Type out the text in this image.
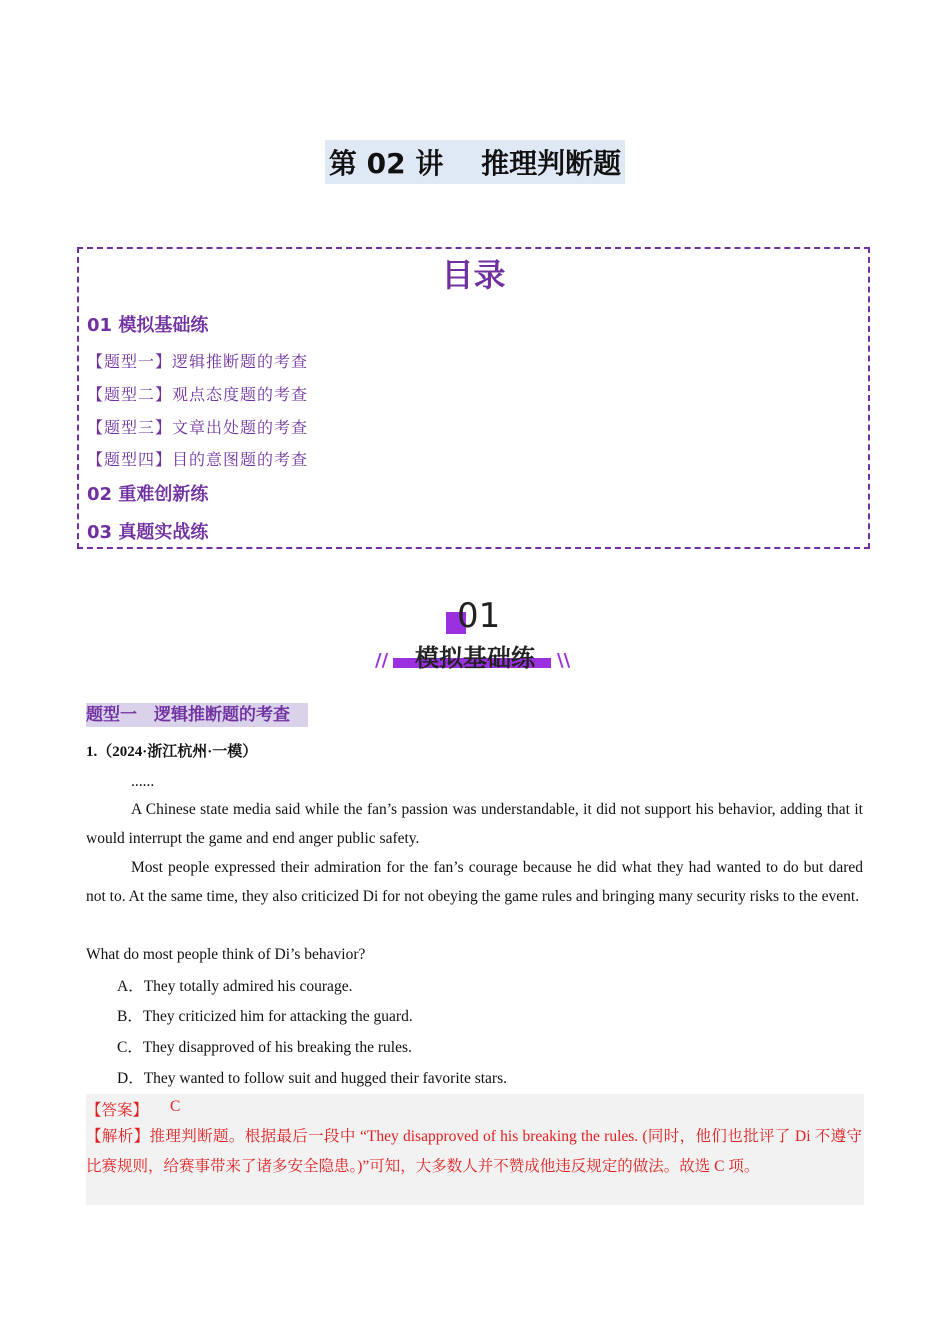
第 02 讲　 推理判断题
目录
01 模拟基础练
【题型一】逻辑推断题的考查
【题型二】观点态度题的考查
【题型三】文章出处题的考查
【题型四】目的意图题的考查
02 重难创新练
03 真题实战练
01
模拟基础练
//	\\
题型一　逻辑推断题的考查
1.（2024·浙江杭州·一模）
......
A Chinese state media said while the fan’s passion was understandable, it did not support his behavior, adding that it would interrupt the game and end anger public safety.
Most people expressed their admiration for the fan’s courage because he did what they had wanted to do but dared not to. At the same time, they also criticized Di for not obeying the game rules and bringing many security risks to the event.
What do most people think of Di’s behavior?
A．They totally admired his courage.
B．They criticized him for attacking the guard.
C．They disapproved of his breaking the rules.
D．They wanted to follow suit and hugged their favorite stars.
【答案】 C
【解析】推理判断题。根据最后一段中 “They disapproved of his breaking the rules. (同时，他们也批评了 Di 不遵守比赛规则，给赛事带来了诸多安全隐患。)”可知，大多数人并不赞成他违反规定的做法。故选 C 项。
